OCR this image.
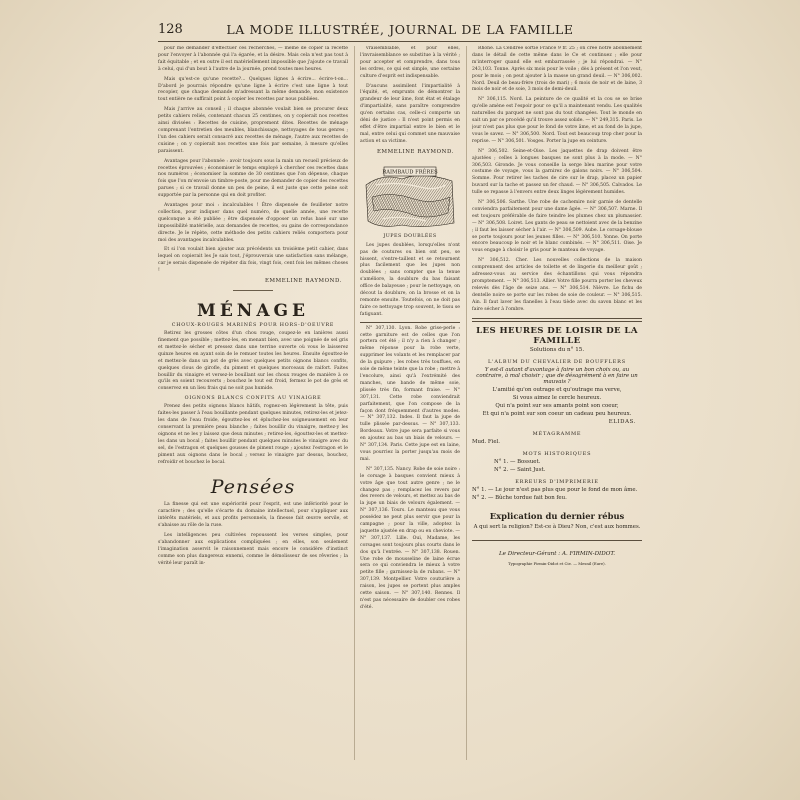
128	LA MODE ILLUSTRÉE, JOURNAL DE LA FAMILLE

pour me demander d'effectuer ces recherches, — même de copier la recette pour l'envoyer à l'abonnée qui l'a égarée, et la désire. Mais cela n'est pas tout à fait équitable ; et en outre il est matériellement impossible que j'ajoute ce travail à celui, qui d'un bout à l'autre de la journée, prend toutes mes heures.

Mais qu'est-ce qu'une recette?... Quelques lignes à écrire... écrire-t-on... D'abord je pourrais répondre qu'une ligne à écrire c'est une ligne à tout recopier, que chaque demande m'adressant la même demande, mon existence tout entière ne suffirait point à copier les recettes par nous publiées.

Mais j'arrive au conseil ; il chaque abonnée voulait bien se procurer deux petits cahiers reliés, contenant chacun 25 centimes, on y copierait nos recettes ainsi divisées : Recettes de cuisine, proprement dites. Recettes de ménage comprenant l'entretien des meubles, blanchissage, nettoyages de tous genres ; l'un des cahiers serait consacré aux recettes de ménage, l'autre aux recettes de cuisine ; on y copierait nos recettes une fois par semaine, à mesure qu'elles paraissent.

Avantages pour l'abonnée : avoir toujours sous la main un recueil précieux de recettes éprouvées ; économiser le temps employé à chercher ces recettes dans nos numéros ; économiser la somme de 30 centimes que l'on dépense, chaque fois que l'on m'envoie un timbre-poste, pour me demander de copier des recettes parues ; si ce travail donne un peu de peine, il est juste que cette peine soit supportée par la personne qui en doit profiter.

Avantages pour moi : incalculables ! Être dispensée de feuilleter notre collection, pour indiquer dans quel numéro, de quelle année, une recette quelconque a été publiée ; être dispensée d'opposer un refus basé sur une impossibilité matérielle, aux demandes de recettes, ou gains de correspondance directe. Je le répète, cette méthode des petits cahiers reliés comportera pour moi des avantages incalculables.

Et si l'on voulait bien ajouter aux précédents un troisième petit cahier, dans lequel on copierait les Je sais tout, j'éprouverais une satisfaction sans mélange, car je serais dispensée de répéter dix fois, vingt fois, cent fois les mêmes choses !

EMMELINE RAYMOND.
MÉNAGE
CHOUX-ROUGES MARINÉS POUR HORS-D'OEUVRE

Retirez les grosses côtes d'un chou rouge, coupez-le en lanières aussi finement que possible ; mettez-les, en menant bien, avec une poignée de sel gris et mettez-le sécher et pressez dans une terrine ouverte où vous le laisserez quinze heures en ayant soin de le remuer toutes les heures. Ensuite égouttez-le et mettez-le dans un pot de grès avec quelques petits oignons blancs confits, quelques clous de girofle, du piment et quelques morceaux de raifort. Faites bouillir du vinaigre et versez-le bouillant sur les choux rouges de manière à ce qu'ils en soient recouverts ; bouchez le tout est froid, fermez le pot de grès et conservez en un lieu frais qui ne soit pas humide.

OIGNONS BLANCS CONFITS AU VINAIGRE

Prenez des petits oignons blancs hâtifs, rognez-en légèrement la tête, puis faites-les passer à l'eau bouillante pendant quelques minutes, retirez-les et jetez-les dans de l'eau froide, égouttez-les et épluchez-les soigneusement en leur conservant la première peau blanche ; faites bouillir du vinaigre, mettez-y les oignons et ne les y laissez que deux minutes ; retirez-les, égouttez-les et mettez-les dans un bocal ; faites bouillir pendant quelques minutes le vinaigre avec du sel, de l'estragon et quelques gousses de piment rouge ; ajoutez l'estragon et le piment aux oignons dans le bocal ; versez le vinaigre par dessus, bouchez, refroidir et bouchez le bocal.

Pensées

La finesse qui est une supériorité pour l'esprit, est une infériorité pour le caractère ; des qu'elle s'écarte du domaine intellectuel, pour s'appliquer aux intérêts matériels, et aux profits personnels, la finesse fait œuvre servile, et s'abaisse au rôle de la ruse.

Les intelligences peu cultivées repoussent les verses simples, pour s'abandonner aux explications compliquées ; en elles, son seulement l'imagination asservit le raisonnement mais encore le considère d'instinct comme son plus dangereux ennemi, comme le démolisseur de ses rêveries ; la vérité leur paraît in-

vraisemblable, et pour elles, l'invraisemblance se substitue à la vérité ; pour accepter et comprendre, dans tous les ordres, ce qui est simple, une certaine culture d'esprit est indispensable.

D'aucuns assimilent l'impartialité à l'équité, et, emprunts de démontrer la grandeur de leur âme, font état et étalage d'impartialité, sans paraître comprendre qu'en certains cas, celle-ci comporte un déni de justice : Il n'est point permis en effet d'être impartial entre le bien et le mal, entre celui qui commet une mauvaise action et sa victime.

EMMELINE RAYMOND.
RAIMBAUD FRÈRES
JUPES DOUBLÉES

Les jupes doublées, lorsqu'elles n'ont pas de coutures ou bien ont peu, se hissent, s'entre-taillent et se retournent plus facilement que les jupes non doublées ; sans compter que la tenue s'améliore, la doublure du bas faisant office de balayeuse ; pour le nettoyage, on décout la doublure, on la brosse et on la remonte ensuite. Toutefois, on ne doit pas faire ce nettoyage trop souvent, le tissu se fatiguant.

N° 307,130. Lyon. Robe grise-perle : cette garniture est de celles que l'on portera cet été ; il n'y a rien à changer ; même réponse pour la robe verte, supprimer les volants et les remplacer par de la guipure ; les robes très touffues, en soie de même teinte que la robe ; mettre à l'encolure, ainsi qu'à l'extrémité des manches, une bande de même soie, plissée très fin, formant fraise. — N° 307,131. Cette robe conviendrait parfaitement, que l'on compose de la façon dont fréquemment d'autres modes. — N° 307,132. Indes. Il faut la jupe de tulle plissée par-dessus. — N° 307,133. Bordeaux. Votre jupe sera parfaite si vous en ajoutez au bas un biais de velours. — N° 307,134. Paris. Cette jupe est en laine, vous pourriez la porter jusqu'au mois de mai.

N° 307,135. Nancy. Robe de soie noire : le corsage à basques convient mieux à votre âge que tout autre genre ; ne le changez pas ; remplacez les revers par des revers de velours, et mettez au bas de la jupe un biais de velours également. — N° 307,136. Tours. Le manteau que vous possédez ne peut plus servir que pour la campagne ; pour la ville, adoptez la jaquette ajustée en drap ou en cheviote. — N° 307,137. Lille. Oui, Madame, les corsages sont toujours plus courts dans le dos qu'à l'entrée. — N° 307,138. Rouen. Une robe de mousseline de laine écrue sera ce qui conviendra le mieux à votre petite fille ; garnissez-la de rubans. — N° 307,139. Montpellier. Votre couturière a raison, les jupes se portent plus amples cette saison. — N° 307,140. Rennes. Il n'est pas nécessaire de doubler ces robes d'été.

Rhône. La Cendrée sortie France 9 fr. 25 ; on crée notre abonnement dans le détail de cette même dans le Ce et continuez ; elle pour m'interroger quand elle est embarrassée ; je lui répondrai. — N° 243,103. Tonne. Après six mois pour le voile ; dès à présent et l'on veut, pour le mois ; on peut ajouter à la masse un grand deuil. — N° 306,002. Nord. Deuil de beau-frère (trois de mari) ; 6 mois de noir et de laine, 3 mois de noir et de soie, 3 mois de demi-deuil.

N° 306,115. Nord. La peinture de ce qualité et la cou se se brise qu'elle amène est l'espoir pour ce qu'il a maintenant vendu. Les qualités naturelles du parquet ne sont pas du tout changées. Tout le monde en sait un par ce procédé qu'il trouve assez solide. — N° 249,315. Paris. Le jour n'est pas plus que pour le fond de votre âme, et au fond de la jupe, vous le savez. — N° 306,500. Nord. Tout est beaucoup trop cher pour la reprise. — N° 306,501. Vosges. Porter la jupe en ceinture.

N° 306,502. Seine-et-Oise. Les jaquettes de drap doivent être ajustées ; celles à longues basques ne sont plus à la mode. — N° 306,503. Gironde. Je vous conseille la serge bleu marine pour votre costume de voyage, vous la garnirez de galons noirs. — N° 306,504. Somme. Pour retirer les taches de cire sur le drap, placez un papier buvard sur la tache et passez un fer chaud. — N° 306,505. Calvados. Le tulle se repasse à l'envers entre deux linges légèrement humides.

N° 306,506. Sarthe. Une robe de cachemire noir garnie de dentelle conviendra parfaitement pour une dame âgée. — N° 306,507. Marne. Il est toujours préférable de faire teindre les plumes chez un plumassier. — N° 306,508. Loiret. Les gants de peau se nettoient avec de la benzine ; il faut les laisser sécher à l'air. — N° 306,509. Aube. Le corsage-blouse se porte toujours pour les jeunes filles. — N° 306,510. Yonne. On porte encore beaucoup le noir et le blanc combinés. — N° 306,511. Oise. Je vous engage à choisir le gris pour le manteau de voyage.

N° 306,512. Cher. Les nouvelles collections de la maison comprennent des articles de toilette et de lingerie du meilleur goût ; adressez-vous au service des échantillons qui vous répondra promptement. — N° 306,513. Allier. Votre fille pourra porter les cheveux relevés dès l'âge de seize ans. — N° 306,514. Nièvre. Le fichu de dentelle noire se porte sur les robes de soie de couleur. — N° 306,515. Ain. Il faut laver les flanelles à l'eau tiède avec du savon blanc et les faire sécher à l'ombre.

LES HEURES DE LOISIR DE LA FAMILLE
Solutions du n° 15.
L'ALBUM DU CHEVALIER DE BOUFFLERS
Y est-il autant d'avantage à faire un bon choix ou, au contraire, à mal choisir ; que de désagrément à en faire un mauvais ?
L'amitié qu'on outrage et qu'outrage ma verve,
Si vous aimez le cercle heureux.
Qui n'a point sur ses amants point son coeur,
Et qui n'a point sur son coeur un cadeau peu heureux.
ELIDAS.
MÉTAGRAMME
Mud. Fiel.
MOTS HISTORIQUES
N° 1. — Bossuet.
N° 2. — Saint Just.
ERREURS D'IMPRIMERIE
N° 1. — Le jour n'est pas plus que pour le fond de mon âme.
N° 2. — Bûche tordue fait bon feu.
Explication du dernier rébus
A qui sert la religion? Est-ce à Dieu? Non, c'est aux hommes.
Le Directeur-Gérant : A. FIRMIN-DIDOT.
Typographie Firmin-Didot et Cie. — Mesnil (Eure).
